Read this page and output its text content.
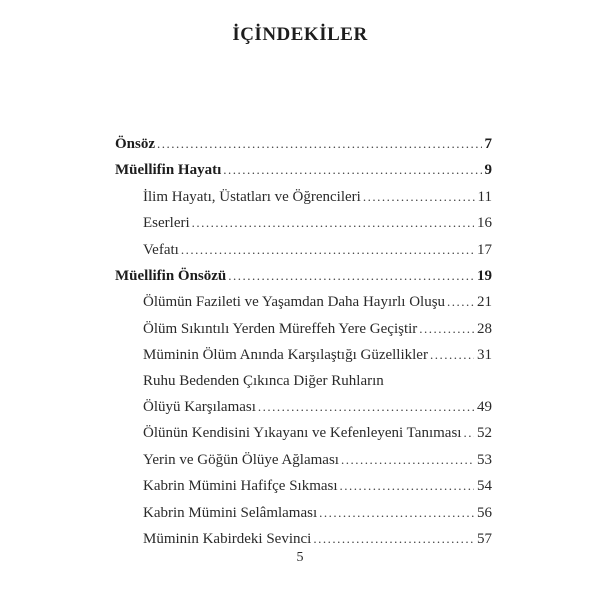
İÇİNDEKİLER
Önsöz .....	7
Müellifin Hayatı .....	9
İlim Hayatı, Üstatları ve Öğrencileri .....	11
Eserleri .....	16
Vefatı .....	17
Müellifin Önsözü .....	19
Ölümün Fazileti ve Yaşamdan Daha Hayırlı Oluşu ..... 21
Ölüm Sıkıntılı Yerden Müreffeh Yere Geçiştir .....	28
Müminin Ölüm Anında Karşılaştığı Güzellikler .....	31
Ruhu Bedenden Çıkınca Diğer Ruhların
Ölüyü Karşılaması .....	49
Ölünün Kendisini Yıkayanı ve Kefenleyeni Tanıması ..... 52
Yerin ve Göğün Ölüye Ağlaması .....	53
Kabrin Mümini Hafifçe Sıkması .....	54
Kabrin Mümini Selâmlaması .....	56
Müminin Kabirdeki Sevinci .....	57
5
